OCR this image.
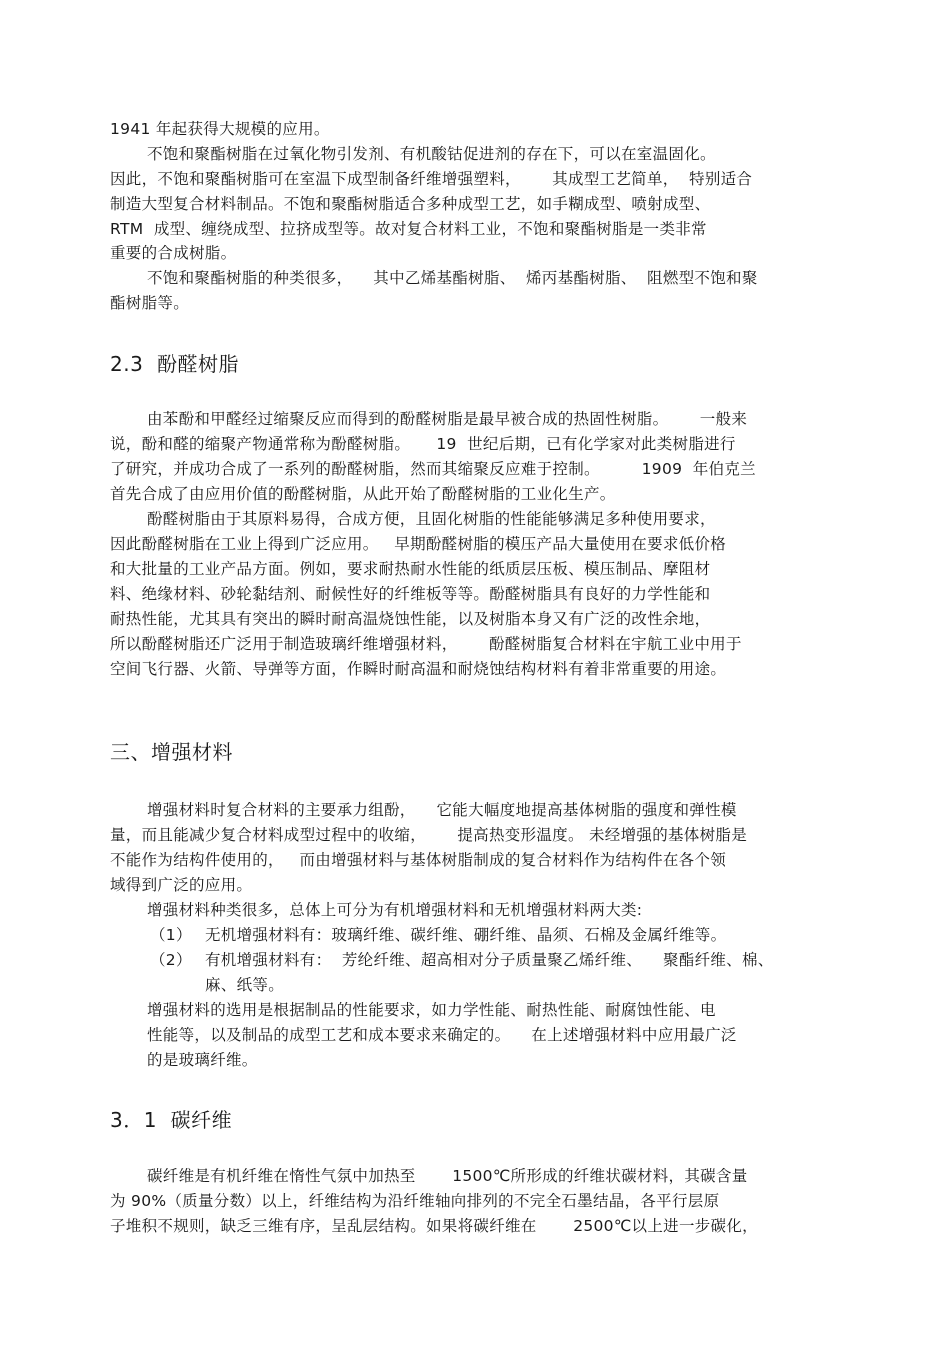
1941 年起获得大规模的应用。
不饱和聚酯树脂在过氧化物引发剂、有机酸钴促进剂的存在下，可以在室温固化。
因此，不饱和聚酯树脂可在室温下成型制备纤维增强塑料，      其成型工艺简单，  特别适合
制造大型复合材料制品。不饱和聚酯树脂适合多种成型工艺，如手糊成型、喷射成型、
RTM  成型、缠绕成型、拉挤成型等。故对复合材料工业，不饱和聚酯树脂是一类非常
重要的合成树脂。
不饱和聚酯树脂的种类很多，    其中乙烯基酯树脂、  烯丙基酯树脂、  阻燃型不饱和聚
酯树脂等。
2.3  酚醛树脂
由苯酚和甲醛经过缩聚反应而得到的酚醛树脂是最早被合成的热固性树脂。      一般来
说，酚和醛的缩聚产物通常称为酚醛树脂。     19  世纪后期，已有化学家对此类树脂进行
了研究，并成功合成了一系列的酚醛树脂，然而其缩聚反应难于控制。        1909  年伯克兰
首先合成了由应用价值的酚醛树脂，从此开始了酚醛树脂的工业化生产。
酚醛树脂由于其原料易得，合成方便，且固化树脂的性能能够满足多种使用要求，
因此酚醛树脂在工业上得到广泛应用。   早期酚醛树脂的模压产品大量使用在要求低价格
和大批量的工业产品方面。例如，要求耐热耐水性能的纸质层压板、模压制品、摩阻材
料、绝缘材料、砂轮黏结剂、耐候性好的纤维板等等。酚醛树脂具有良好的力学性能和
耐热性能，尤其具有突出的瞬时耐高温烧蚀性能，以及树脂本身又有广泛的改性余地，
所以酚醛树脂还广泛用于制造玻璃纤维增强材料，      酚醛树脂复合材料在宇航工业中用于
空间飞行器、火箭、导弹等方面，作瞬时耐高温和耐烧蚀结构材料有着非常重要的用途。
三、增强材料
增强材料时复合材料的主要承力组酚，    它能大幅度地提高基体树脂的强度和弹性模
量，而且能减少复合材料成型过程中的收缩，      提高热变形温度。 未经增强的基体树脂是
不能作为结构件使用的，   而由增强材料与基体树脂制成的复合材料作为结构件在各个领
域得到广泛的应用。
增强材料种类很多，总体上可分为有机增强材料和无机增强材料两大类:
（1） 无机增强材料有：玻璃纤维、碳纤维、硼纤维、晶须、石棉及金属纤维等。
（2） 有机增强材料有：  芳纶纤维、超高相对分子质量聚乙烯纤维、    聚酯纤维、棉、
麻、纸等。
增强材料的选用是根据制品的性能要求，如力学性能、耐热性能、耐腐蚀性能、电
性能等，以及制品的成型工艺和成本要求来确定的。    在上述增强材料中应用最广泛
的是玻璃纤维。
3．1  碳纤维
碳纤维是有机纤维在惰性气氛中加热至       1500℃所形成的纤维状碳材料，其碳含量
为 90%（质量分数）以上，纤维结构为沿纤维轴向排列的不完全石墨结晶，各平行层原
子堆积不规则，缺乏三维有序，呈乱层结构。如果将碳纤维在       2500℃以上进一步碳化，
